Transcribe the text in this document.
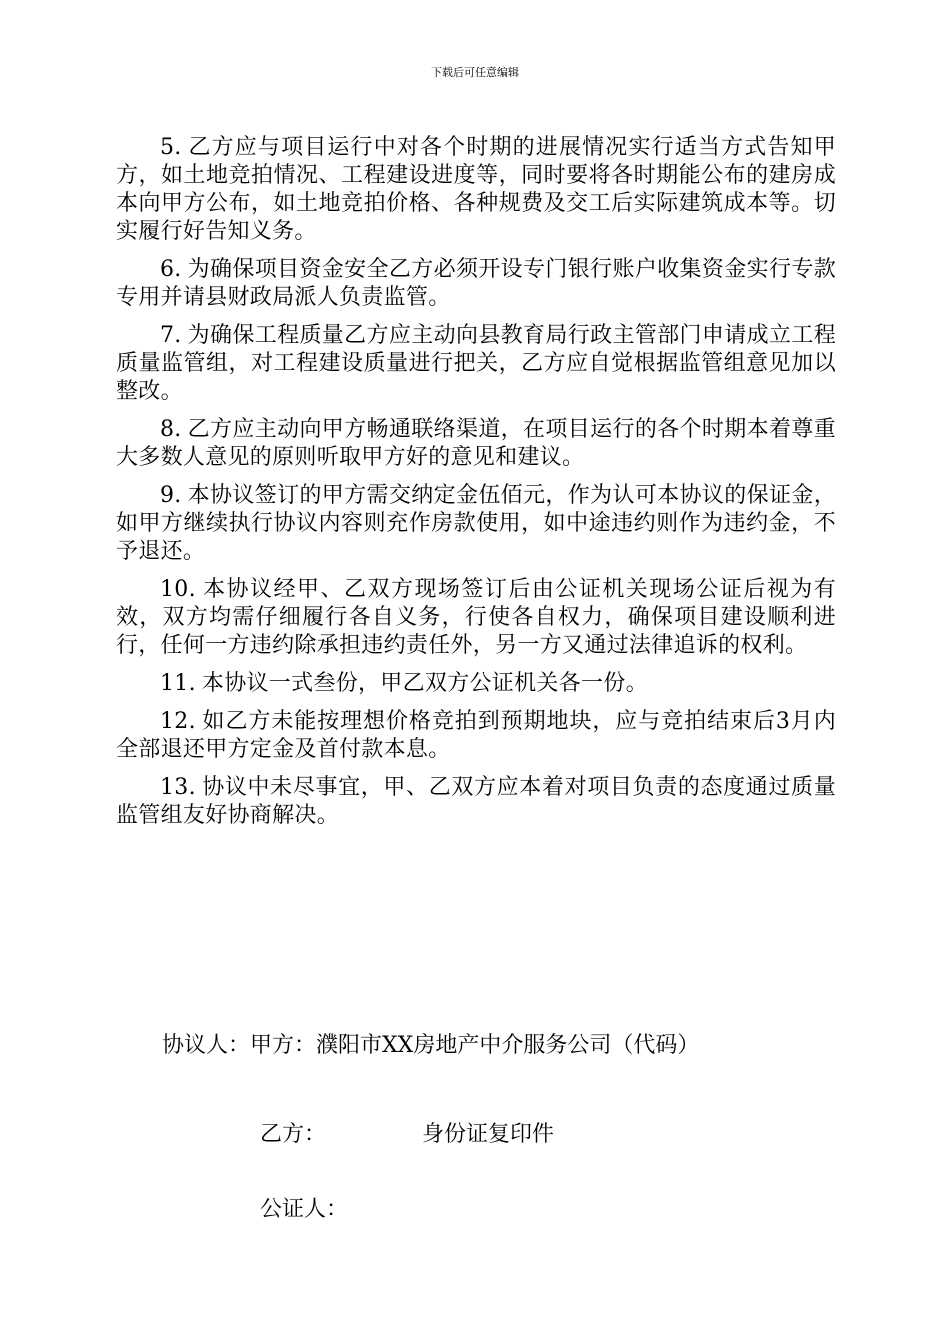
下载后可任意编辑
5. 乙方应与项目运行中对各个时期的进展情况实行适当方式告知甲方，如土地竞拍情况、工程建设进度等，同时要将各时期能公布的建房成本向甲方公布，如土地竞拍价格、各种规费及交工后实际建筑成本等。切实履行好告知义务。
6. 为确保项目资金安全乙方必须开设专门银行账户收集资金实行专款专用并请县财政局派人负责监管。
7. 为确保工程质量乙方应主动向县教育局行政主管部门申请成立工程质量监管组，对工程建设质量进行把关，乙方应自觉根据监管组意见加以整改。
8. 乙方应主动向甲方畅通联络渠道，在项目运行的各个时期本着尊重大多数人意见的原则听取甲方好的意见和建议。
9. 本协议签订的甲方需交纳定金伍佰元，作为认可本协议的保证金，如甲方继续执行协议内容则充作房款使用，如中途违约则作为违约金，不予退还。
10. 本协议经甲、乙双方现场签订后由公证机关现场公证后视为有效，双方均需仔细履行各自义务，行使各自权力，确保项目建设顺利进行，任何一方违约除承担违约责任外，另一方又通过法律追诉的权利。
11. 本协议一式叁份，甲乙双方公证机关各一份。
12. 如乙方未能按理想价格竞拍到预期地块，应与竞拍结束后3月内全部退还甲方定金及首付款本息。
13. 协议中未尽事宜，甲、乙双方应本着对项目负责的态度通过质量监管组友好协商解决。
协议人：甲方：濮阳市XX房地产中介服务公司（代码）
乙方：	身份证复印件
公证人：
